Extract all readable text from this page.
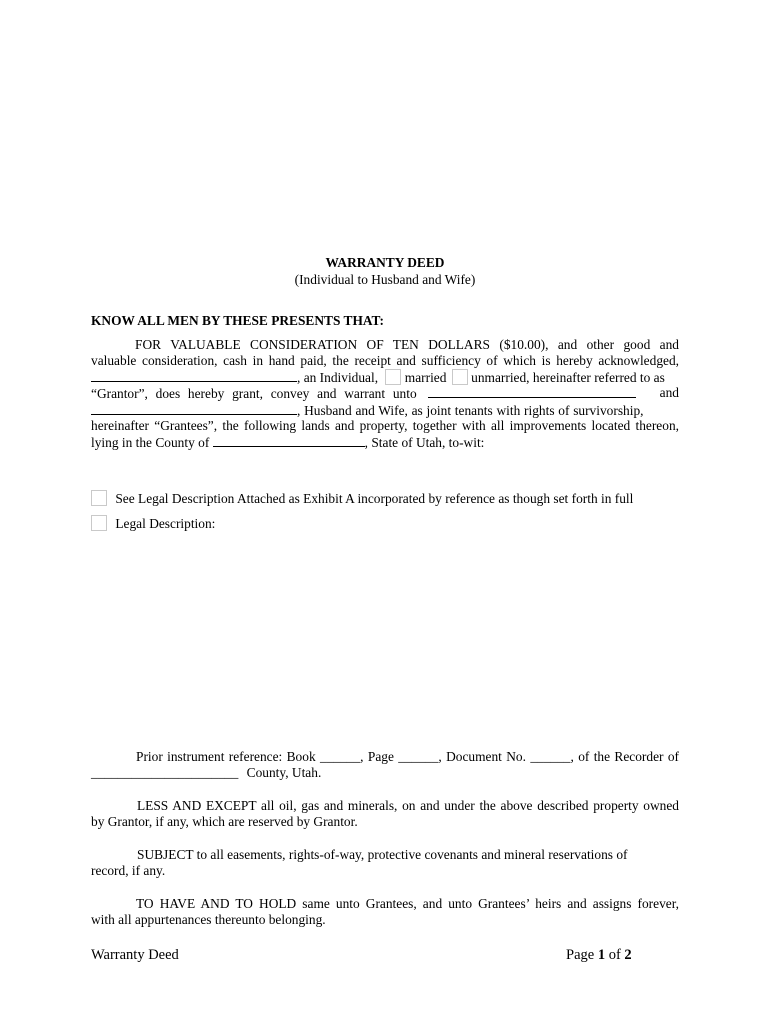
WARRANTY DEED
(Individual to Husband and Wife)
KNOW ALL MEN BY THESE PRESENTS THAT:
FOR VALUABLE CONSIDERATION OF TEN DOLLARS ($10.00), and other good and
valuable consideration, cash in hand paid, the receipt and sufficiency of which is hereby acknowledged,
, an Individual, married unmarried, hereinafter referred to as
“Grantor”, does hereby grant, convey and warrant unto	and
, Husband and Wife, as joint tenants with rights of survivorship,
hereinafter “Grantees”, the following lands and property, together with all improvements located thereon,
lying in the County of	, State of Utah, to-wit:
See Legal Description Attached as Exhibit A incorporated by reference as though set forth in full
Legal Description:
Prior instrument reference: Book ______, Page ______, Document No. ______, of the Recorder of
______________________ County, Utah.
LESS AND EXCEPT all oil, gas and minerals, on and under the above described property owned
by Grantor, if any, which are reserved by Grantor.
SUBJECT to all easements, rights-of-way, protective covenants and mineral reservations of
record, if any.
TO HAVE AND TO HOLD same unto Grantees, and unto Grantees’ heirs and assigns forever,
with all appurtenances thereunto belonging.
Warranty Deed	Page 1 of 2
